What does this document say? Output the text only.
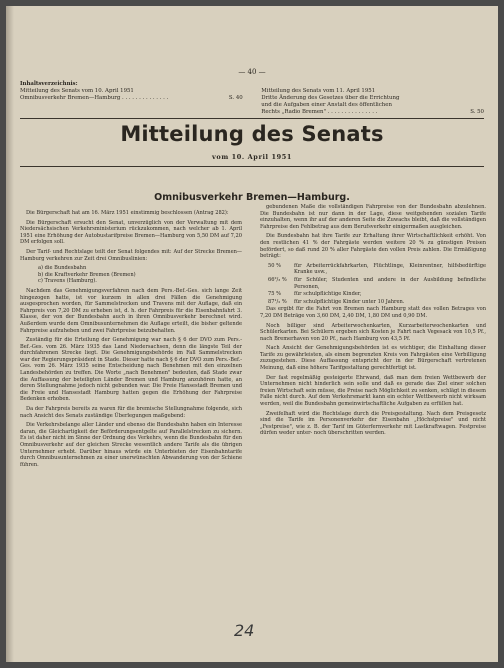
— 40 —
Inhaltsverzeichnis:
Mitteilung des Senats vom 10. April 1951
Omnibusverkehr Bremen—Hamburg . . . . . . . . . . . . . .	S. 40
Mitteilung des Senats vom 11. April 1951
Dritte Änderung des Gesetzes über die Errichtung
und die Aufgaben einer Anstalt des öffentlichen
Rechts „Radio Bremen" . . . . . . . . . . . . . . .	S. 50
Mitteilung des Senats
vom 10. April 1951
Omnibusverkehr Bremen—Hamburg.

Die Bürgerschaft hat am 16. März 1951 einstimmig beschlossen (Antrag 282):

Die Bürgerschaft ersucht den Senat, unverzüglich von der Verwaltung mit dem Niedersächsischen Verkehrsministerium rückzukommen, nach welcher ab 1. April 1951 eine Erhöhung der Autobustarifpreise Bremen—Hamburg von 5,50 DM auf 7,20 DM erfolgen soll.

Der Tarif- und Rechtslage teilt der Senat folgendes mit: Auf der Strecke Bremen—Hamburg verkehren zur Zeit drei Omnibuslinien:

a) die Bundesbahn
b) die Kraftverkehr Bremen (Bremen)
c) Travens (Hamburg).

Nachdem das Genehmigungsverfahren nach dem Pers.-Bef.-Ges. sich lange Zeit hingezogen hatte, ist vor kurzem in allen drei Fällen die Genehmigung ausgesprochen worden, für Sammelstrecken und Travens mit der Auflage, daß ein Fahrpreis von 7,20 DM zu erheben ist, d. h. der Fahrpreis für die Eisenbahnfahrt 3. Klasse, der von der Bundesbahn auch in ihren Omnibusverkehr berechnet wird. Außerdem wurde dem Omnibusunternehmen die Auflage erteilt, die bisher geltende Fahrpreise aufzuheben und zwei Fahrtpreise beizubehalten.

Zuständig für die Erteilung der Genehmigung war nach § 6 der DVO zum Pers.-Bef.-Ges. vom 26. März 1935 das Land Niedersachsen, denn die längste Teil der durchfahrenen Strecke liegt. Die Genehmigungsbehörde im Fall Sammelstrecken war der Regierungspräsident in Stade. Dieser hatte nach § 6 der DVO zum Pers.-Bef.-Ges. vom 26. März 1935 seine Entscheidung nach Benehmen mit den einzelnen Landesbehörden zu treffen. Die Worte „nach Benehmen" bedeuten, daß Stade zwar die Auffassung der beteiligten Länder Bremen und Hamburg anzuhören hatte, an deren Stellungnahme jedoch nicht gebunden war. Die Freie Hansestadt Bremen und die Freie und Hansestadt Hamburg hatten gegen die Erhöhung der Fahrpreise Bedenken erhoben.

Da der Fahrpreis bereits zu waren für die bremische Stellungnahme folgende, sich nach Ansicht des Senats zuständige Überlegungen maßgebend:

Die Verkehrsbelange aller Länder und ebenso die Bundesbahn haben ein Interesse daran, die Gleichartigkeit der Beförderungsentgelte auf Parallelstrecken zu sichern. Es ist daher nicht im Sinne der Ordnung des Verkehrs, wenn die Bundesbahn für den Omnibusverkehr auf der gleichen Strecke wesentlich andere Tarife als die übrigen Unternehmer erhebt. Darüber hinaus würde ein Unterbieten der Eisenbahntarife durch Omnibusunternehmen zu einer unerwünschten Abwanderung von der Schiene führen.

gebundenen Maße die vollständigen Fahrpreise von der Bundesbahn abzulehnen. Die Bundesbahn ist nur dann in der Lage, diese weitgehenden sozialen Tarife einzuhalten, wenn ihr auf der anderen Seite die Zuwachs bleibt, daß die vollständigen Fahrpreise den Fehlbetrag aus dem Berufsverkehr einigermaßen ausgleichen.

Die Bundesbahn hat ihre Tarife zur Erhaltung ihrer Wirtschaftlichkeit erhöht. Von den restlichen 41 % der Fahrgäste werden weitere 20 % zu günstigen Preisen befördert, so daß rund 20 % aller Fahrgäste den vollen Preis zahlen. Die Ermäßigung beträgt:

50 %	für Arbeiterrückfahrkarten, Flüchtlinge, Kleinrentner, hilfsbedürftige Kranke usw.,
66²/₃ %	für Schüler, Studenten und andere in der Ausbildung befindliche Personen,
75 %	für schulpflichtige Kinder,
87¹/₂ %	für schulpflichtige Kinder unter 10 Jahren.

Das ergibt für die Fahrt von Bremen nach Hamburg statt des vollen Betrages von 7,20 DM Beträge von 3,60 DM, 2,40 DM, 1,80 DM und 0,90 DM.

Noch billiger sind Arbeiterwochenkarten, Kurzarbeiterwochenkarten und Schülerkarten. Bei Schülern ergeben sich Kosten je Fahrt nach Vegesack von 10,5 Pf., nach Bremerhaven von 20 Pf., nach Hamburg von 43,5 Pf.

Nach Ansicht der Genehmigungsbehörden ist es wichtiger, die Einhaltung dieser Tarife zu gewährleisten, als einem begrenzten Kreis von Fahrgästen eine Verbilligung zuzugestehen. Diese Auffassung entspricht der in der Bürgerschaft vertretenen Meinung, daß eine höhere Tarifgestaltung gerechtfertigt ist.

Der fast regelmäßig gesteigerte Ehrwand, daß man dem freien Wettbewerb der Unternehmen nicht hinderlich sein solle und daß es gerade das Ziel einer solchen freien Wirtschaft sein müsse, die Preise nach Möglichkeit zu senken, schlägt in diesem Falle nicht durch. Auf dem Verkehrsmarkt kann ein echter Wettbewerb nicht wirksam werden, weil die Bundesbahn gemeinwirtschaftliche Aufgaben zu erfüllen hat.

Zweifelhaft wird die Rechtslage durch die Preisgestaltung. Nach dem Preisgesetz sind die Tarife im Personenverkehr der Eisenbahn „Höchstpreise" und nicht „Festpreise", wie z. B. der Tarif im Güterfernverkehr mit Lastkraftwagen. Festpreise dürfen weder unter- noch überschritten werden.

24
